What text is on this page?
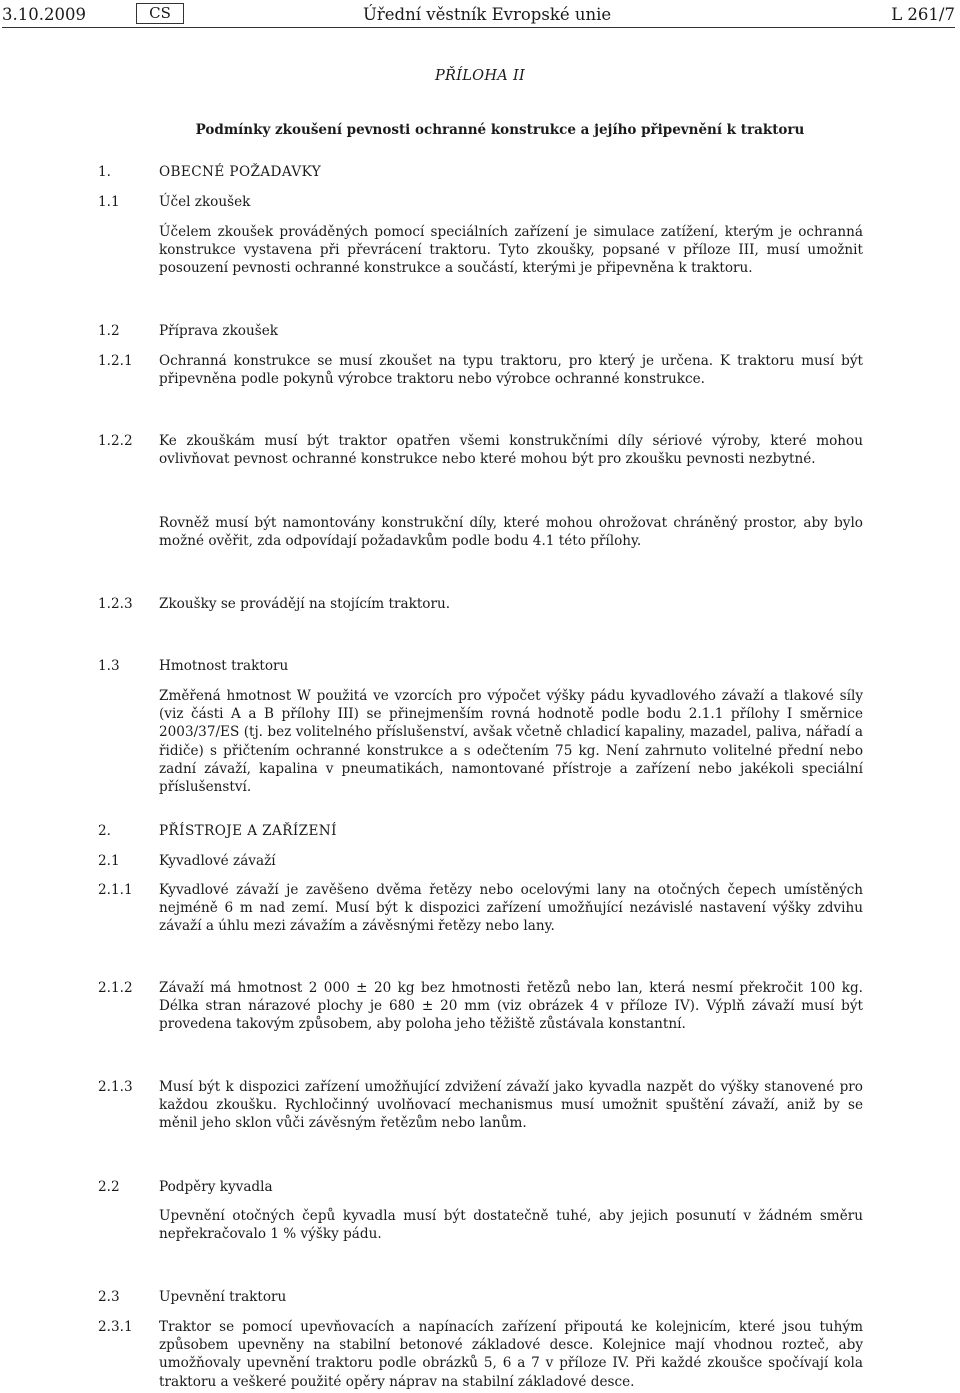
3.10.2009	CS	Úřední věstník Evropské unie	L 261/7
PŘÍLOHA II
Podmínky zkoušení pevnosti ochranné konstrukce a jejího připevnění k traktoru
1.	OBECNÉ POŽADAVKY
1.1	Účel zkoušek
Účelem zkoušek prováděných pomocí speciálních zařízení je simulace zatížení, kterým je ochranná konstrukce vystavena při převrácení traktoru. Tyto zkoušky, popsané v příloze III, musí umožnit posouzení pevnosti ochranné konstrukce a součástí, kterými je připevněna k traktoru.
1.2	Příprava zkoušek
1.2.1 Ochranná konstrukce se musí zkoušet na typu traktoru, pro který je určena. K traktoru musí být připevněna podle pokynů výrobce traktoru nebo výrobce ochranné konstrukce.
1.2.2 Ke zkouškám musí být traktor opatřen všemi konstrukčními díly sériové výroby, které mohou ovlivňovat pevnost ochranné konstrukce nebo které mohou být pro zkoušku pevnosti nezbytné.
Rovněž musí být namontovány konstrukční díly, které mohou ohrožovat chráněný prostor, aby bylo možné ověřit, zda odpovídají požadavkům podle bodu 4.1 této přílohy.
1.2.3 Zkoušky se provádějí na stojícím traktoru.
1.3	Hmotnost traktoru
Změřená hmotnost W použitá ve vzorcích pro výpočet výšky pádu kyvadlového závaží a tlakové síly (viz části A a B přílohy III) se přinejmenším rovná hodnotě podle bodu 2.1.1 přílohy I směrnice 2003/37/ES (tj. bez volitelného příslušenství, avšak včetně chladicí kapaliny, mazadel, paliva, nářadí a řidiče) s přičtením ochranné konstrukce a s odečtením 75 kg. Není zahrnuto volitelné přední nebo zadní závaží, kapalina v pneumatikách, namontované přístroje a zařízení nebo jakékoli speciální příslušenství.
2.	PŘÍSTROJE A ZAŘÍZENÍ
2.1	Kyvadlové závaží
2.1.1 Kyvadlové závaží je zavěšeno dvěma řetězy nebo ocelovými lany na otočných čepech umístěných nejméně 6 m nad zemí. Musí být k dispozici zařízení umožňující nezávislé nastavení výšky zdvihu závaží a úhlu mezi závažím a závěsnými řetězy nebo lany.
2.1.2 Závaží má hmotnost 2 000 ± 20 kg bez hmotnosti řetězů nebo lan, která nesmí překročit 100 kg. Délka stran nárazové plochy je 680 ± 20 mm (viz obrázek 4 v příloze IV). Výplň závaží musí být provedena takovým způsobem, aby poloha jeho těžiště zůstávala konstantní.
2.1.3 Musí být k dispozici zařízení umožňující zdvižení závaží jako kyvadla nazpět do výšky stanovené pro každou zkoušku. Rychločinný uvolňovací mechanismus musí umožnit spuštění závaží, aniž by se měnil jeho sklon vůči závěsným řetězům nebo lanům.
2.2	Podpěry kyvadla
Upevnění otočných čepů kyvadla musí být dostatečně tuhé, aby jejich posunutí v žádném směru nepřekračovalo 1 % výšky pádu.
2.3	Upevnění traktoru
2.3.1 Traktor se pomocí upevňovacích a napínacích zařízení připoutá ke kolejnicím, které jsou tuhým způsobem upevněny na stabilní betonové základové desce. Kolejnice mají vhodnou rozteč, aby umožňovaly upevnění traktoru podle obrázků 5, 6 a 7 v příloze IV. Při každé zkoušce spočívají kola traktoru a veškeré použité opěry náprav na stabilní základové desce.
